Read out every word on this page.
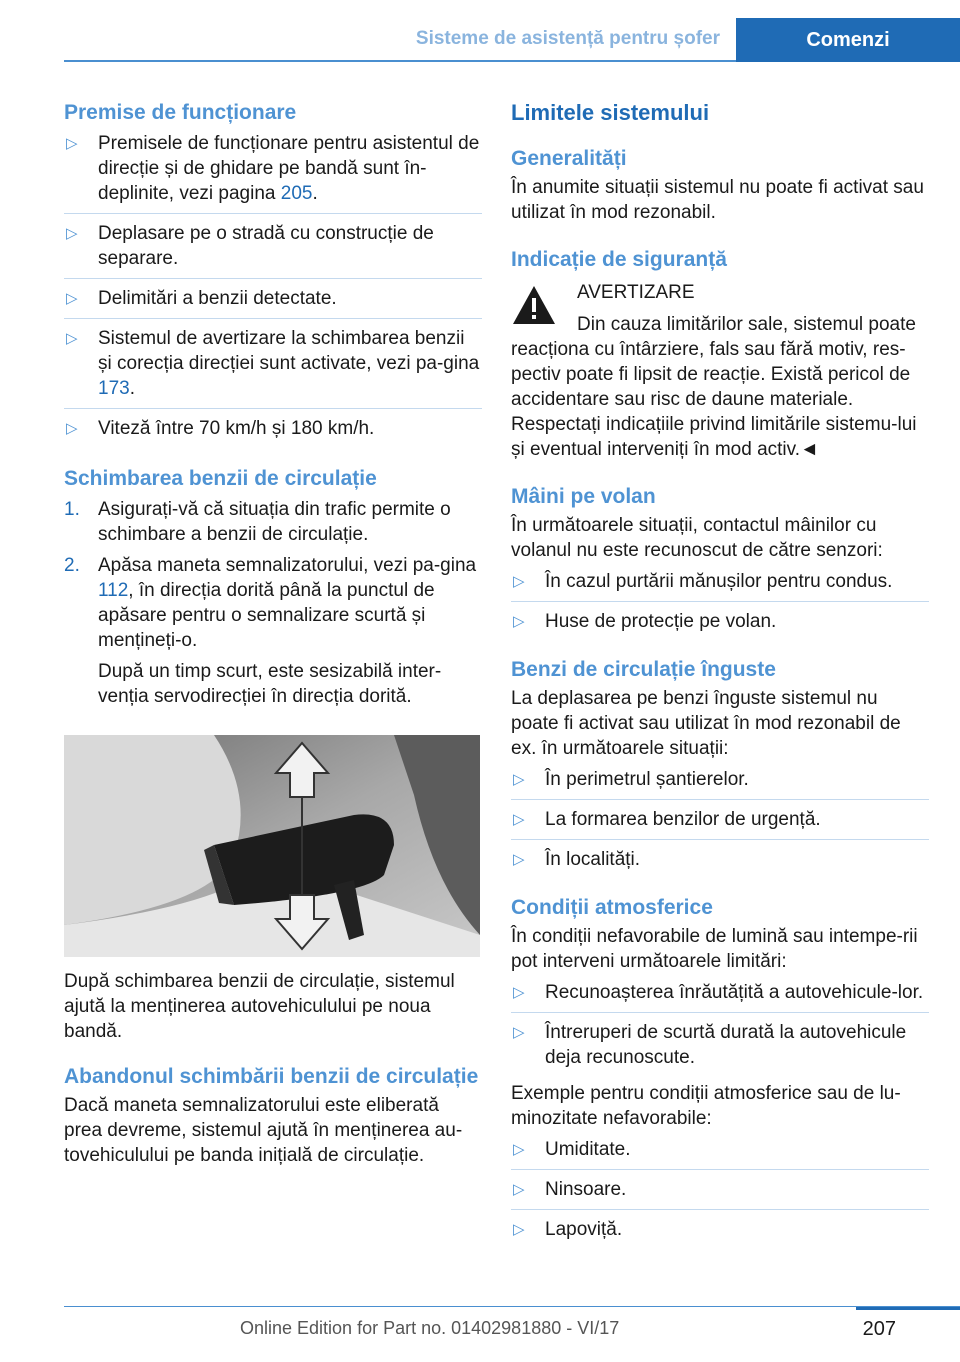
Sisteme de asistență pentru șofer	Comenzi
Premise de funcționare
▷ Premisele de funcționare pentru asistentul de direcție și de ghidare pe bandă sunt în-deplinite, vezi pagina 205.
▷ Deplasare pe o stradă cu construcție de separare.
▷ Delimitări a benzii detectate.
▷ Sistemul de avertizare la schimbarea benzii și corecția direcției sunt activate, vezi pa-gina 173.
▷ Viteză între 70 km/h și 180 km/h.
Schimbarea benzii de circulație
1. Asigurați-vă că situația din trafic permite o schimbare a benzii de circulație.
2. Apăsa maneta semnalizatorului, vezi pa-gina 112, în direcția dorită până la punctul de apăsare pentru o semnalizare scurtă și mențineți-o.

După un timp scurt, este sesizabilă inter-venția servodirecției în direcția dorită.

După schimbarea benzii de circulație, sistemul ajută la menținerea autovehiculului pe noua bandă.

Abandonul schimbării benzii de circulație

Dacă maneta semnalizatorului este eliberată prea devreme, sistemul ajută în menținerea au-tovehiculului pe banda inițială de circulație.

Limitele sistemului
Generalități

În anumite situații sistemul nu poate fi activat sau utilizat în mod rezonabil.

Indicație de siguranță
AVERTIZARE
Din cauza limitărilor sale, sistemul poate

reacționa cu întârziere, fals sau fără motiv, res-pectiv poate fi lipsit de reacție. Există pericol de accidentare sau risc de daune materiale. Respectați indicațiile privind limitările sistemu-lui și eventual interveniți în mod activ.◄

Mâini pe volan

În următoarele situații, contactul mâinilor cu volanul nu este recunoscut de către senzori:

▷ În cazul purtării mănușilor pentru condus.
▷ Huse de protecție pe volan.
Benzi de circulație înguste

La deplasarea pe benzi înguste sistemul nu poate fi activat sau utilizat în mod rezonabil de ex. în următoarele situații:

▷ În perimetrul șantierelor.
▷ La formarea benzilor de urgență.
▷ În localități.
Condiții atmosferice

În condiții nefavorabile de lumină sau intempe-rii pot interveni următoarele limitări:

▷ Recunoașterea înrăutățită a autovehicule-lor.
▷ Întreruperi de scurtă durată la autovehicule deja recunoscute.

Exemple pentru condiții atmosferice sau de lu-minozitate nefavorabile:

▷ Umiditate.
▷ Ninsoare.
▷ Lapoviță.
207
Online Edition for Part no. 01402981880 - VI/17
